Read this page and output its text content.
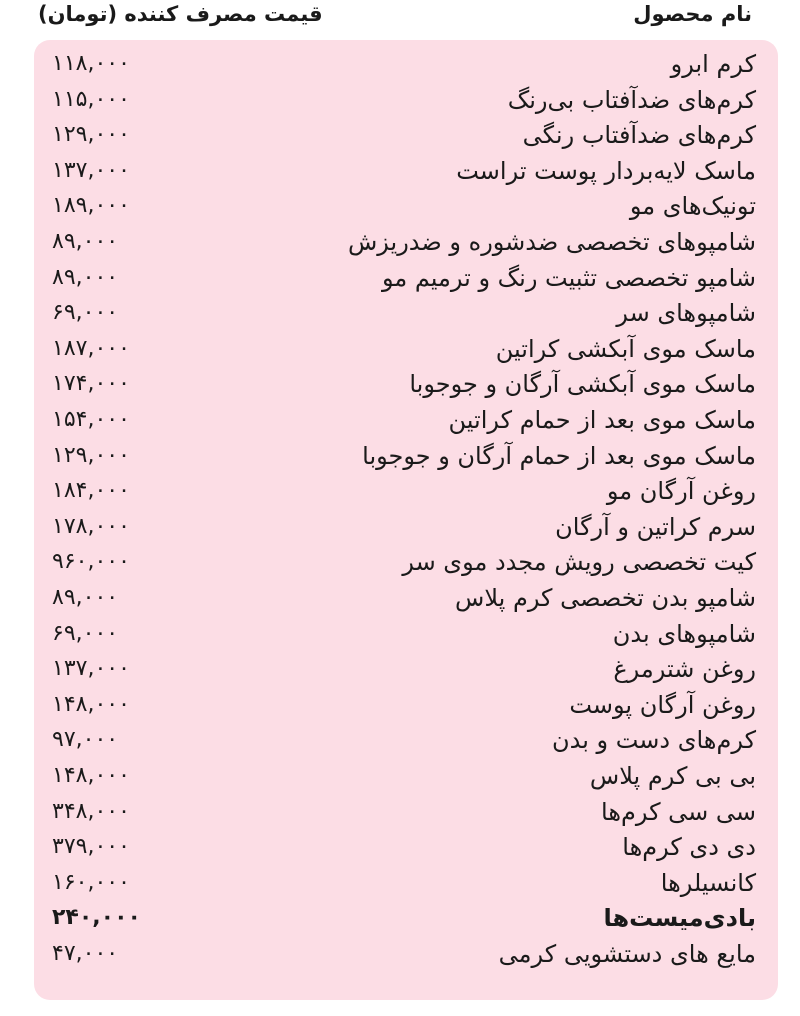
نام محصول
قیمت مصرف کننده (تومان)
کرم ابرو
۱۱۸,۰۰۰
کرم‌های ضدآفتاب بی‌رنگ
۱۱۵,۰۰۰
کرم‌های ضدآفتاب رنگی
۱۲۹,۰۰۰
ماسک لایه‌بردار پوست تراست
۱۳۷,۰۰۰
تونیک‌های مو
۱۸۹,۰۰۰
شامپوهای تخصصی ضدشوره و ضدریزش
۸۹,۰۰۰
شامپو تخصصی تثبیت رنگ و ترمیم مو
۸۹,۰۰۰
شامپوهای سر
۶۹,۰۰۰
ماسک موی آبکشی کراتین
۱۸۷,۰۰۰
ماسک موی آبکشی آرگان و جوجوبا
۱۷۴,۰۰۰
ماسک موی بعد از حمام کراتین
۱۵۴,۰۰۰
ماسک موی بعد از حمام آرگان و جوجوبا
۱۲۹,۰۰۰
روغن آرگان مو
۱۸۴,۰۰۰
سرم کراتین و آرگان
۱۷۸,۰۰۰
کیت تخصصی رویش مجدد موی سر
۹۶۰,۰۰۰
شامپو بدن تخصصی کرم پلاس
۸۹,۰۰۰
شامپوهای بدن
۶۹,۰۰۰
روغن شترمرغ
۱۳۷,۰۰۰
روغن آرگان پوست
۱۴۸,۰۰۰
کرم‌های دست و بدن
۹۷,۰۰۰
بی بی کرم پلاس
۱۴۸,۰۰۰
سی سی کرم‌ها
۳۴۸,۰۰۰
دی دی کرم‌ها
۳۷۹,۰۰۰
کانسیلرها
۱۶۰,۰۰۰
بادی‌میست‌ها
۲۴۰,۰۰۰
مایع های دستشویی کرمی
۴۷,۰۰۰
